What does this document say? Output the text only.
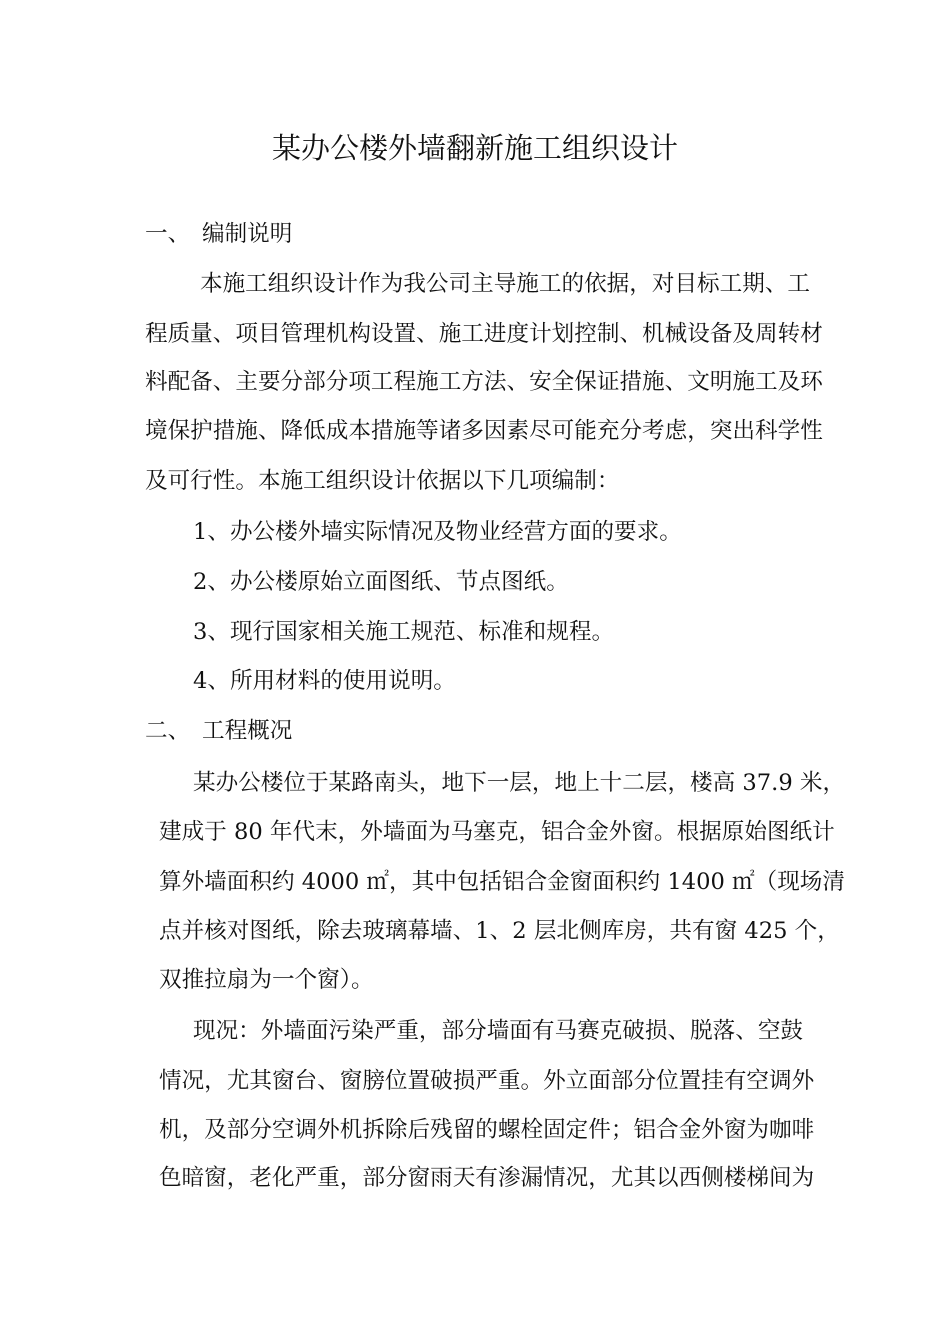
某办公楼外墙翻新施工组织设计
一、 编制说明
本施工组织设计作为我公司主导施工的依据，对目标工期、工
程质量、项目管理机构设置、施工进度计划控制、机械设备及周转材
料配备、主要分部分项工程施工方法、安全保证措施、文明施工及环
境保护措施、降低成本措施等诸多因素尽可能充分考虑，突出科学性
及可行性。本施工组织设计依据以下几项编制：
1、办公楼外墙实际情况及物业经营方面的要求。
2、办公楼原始立面图纸、节点图纸。
3、现行国家相关施工规范、标准和规程。
4、所用材料的使用说明。
二、 工程概况
某办公楼位于某路南头，地下一层，地上十二层，楼高 37.9 米，
建成于 80 年代末，外墙面为马塞克，铝合金外窗。根据原始图纸计
算外墙面积约 4000 ㎡，其中包括铝合金窗面积约 1400 ㎡（现场清
点并核对图纸，除去玻璃幕墙、1、2 层北侧库房，共有窗 425 个，
双推拉扇为一个窗）。
现况：外墙面污染严重，部分墙面有马赛克破损、脱落、空鼓
情况，尤其窗台、窗膀位置破损严重。外立面部分位置挂有空调外
机，及部分空调外机拆除后残留的螺栓固定件；铝合金外窗为咖啡
色暗窗，老化严重，部分窗雨天有渗漏情况，尤其以西侧楼梯间为
